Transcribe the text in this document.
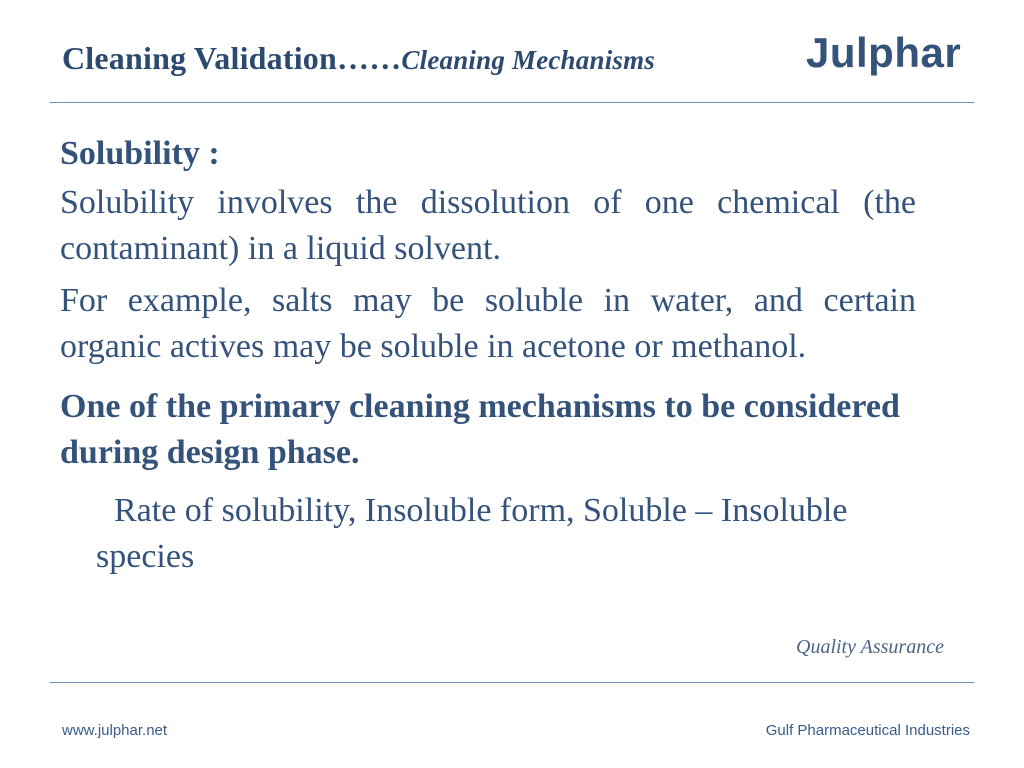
Cleaning Validation……Cleaning Mechanisms	Julphar
Solubility :
Solubility involves the dissolution of one chemical (the contaminant) in a liquid solvent.
For example, salts may be soluble in water, and certain organic actives may be soluble in acetone or methanol.
One of the primary cleaning mechanisms to be considered during design phase.
Rate of solubility, Insoluble form, Soluble – Insoluble species
Quality Assurance
www.julphar.net	Gulf Pharmaceutical Industries
